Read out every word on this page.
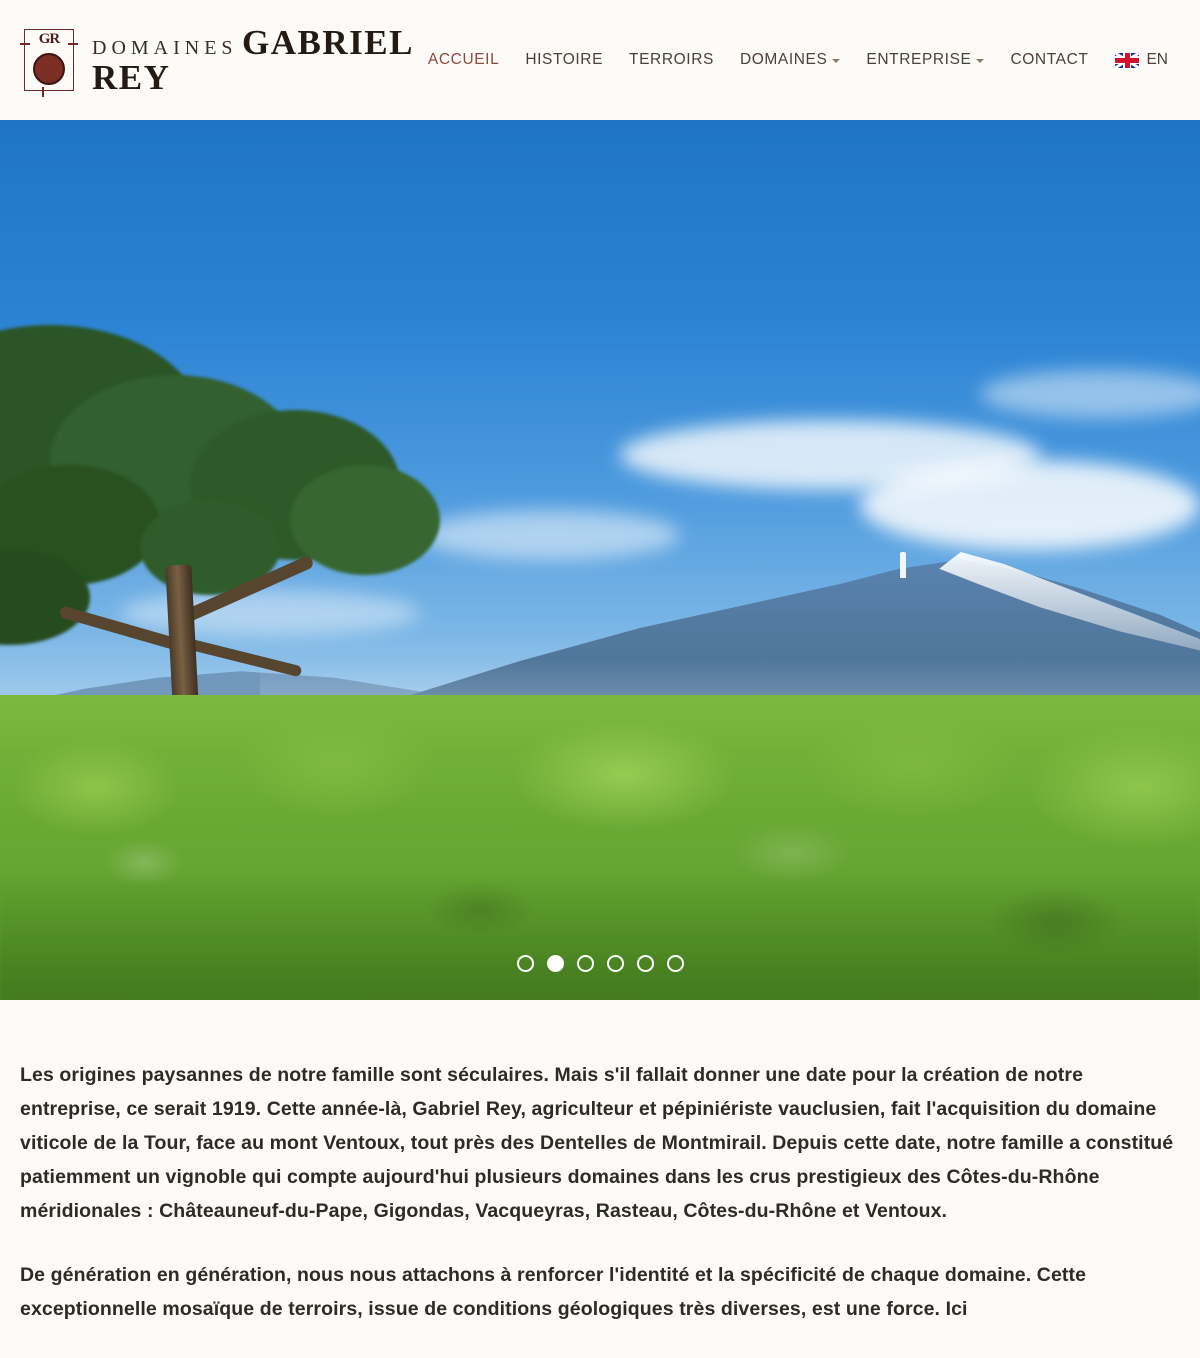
GR	DOMAINES GABRIEL REY	ACCUEIL HISTOIRE TERROIRS DOMAINES	ENTREPRISE	CONTACT	EN

Les origines paysannes de notre famille sont séculaires. Mais s'il fallait donner une date pour la création de notre entreprise, ce serait 1919. Cette année-là, Gabriel Rey, agriculteur et pépiniériste vauclusien, fait l'acquisition du domaine viticole de la Tour, face au mont Ventoux, tout près des Dentelles de Montmirail. Depuis cette date, notre famille a constitué patiemment un vignoble qui compte aujourd'hui plusieurs domaines dans les crus prestigieux des Côtes-du-Rhône méridionales : Châteauneuf-du-Pape, Gigondas, Vacqueyras, Rasteau, Côtes-du-Rhône et Ventoux.

De génération en génération, nous nous attachons à renforcer l'identité et la spécificité de chaque domaine. Cette exceptionnelle mosaïque de terroirs, issue de conditions géologiques très diverses, est une force. Ici
